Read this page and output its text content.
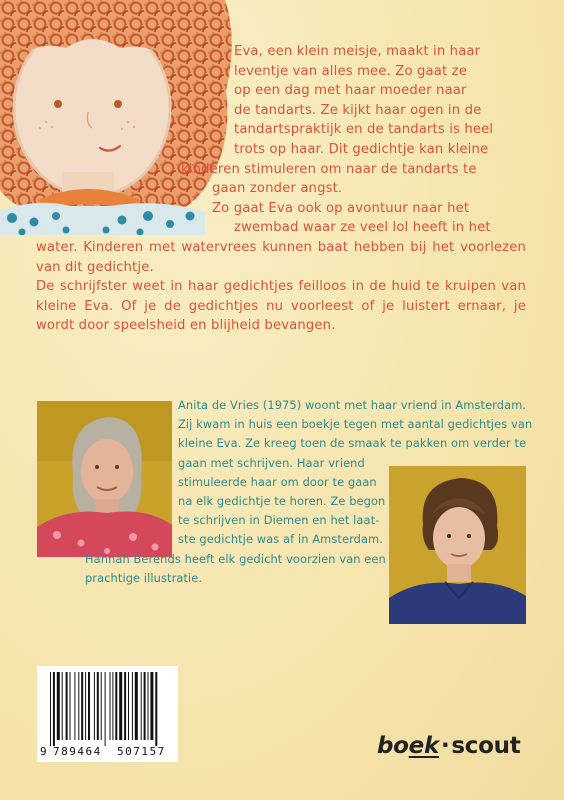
Eva, een klein meisje, maakt in haar
leventje van alles mee. Zo gaat ze
op een dag met haar moeder naar
de tandarts. Ze kijkt haar ogen in de
tandartspraktijk en de tandarts is heel
trots op haar. Dit gedichtje kan kleine
kinderen stimuleren om naar de tandarts te
gaan zonder angst.
Zo gaat Eva ook op avontuur naar het
zwembad waar ze veel lol heeft in het
water. Kinderen met watervrees kunnen baat hebben bij het voorlezen van dit gedichtje.
De schrijfster weet in haar gedichtjes feilloos in de huid te kruipen van kleine Eva. Of je de gedichtjes nu voorleest of je luistert ernaar, je wordt door speelsheid en blijheid bevangen.
Anita de Vries (1975) woont met haar vriend in Amsterdam.
Zij kwam in huis een boekje tegen met aantal gedichtjes van
kleine Eva. Ze kreeg toen de smaak te pakken om verder te
gaan met schrijven. Haar vriend
stimuleerde haar om door te gaan
na elk gedichtje te horen. Ze begon
te schrijven in Diemen en het laat-
ste gedichtje was af in Amsterdam.
Hannah Berends heeft elk gedicht voorzien van een
prachtige illustratie.
9 789464 507157	boek·scout
